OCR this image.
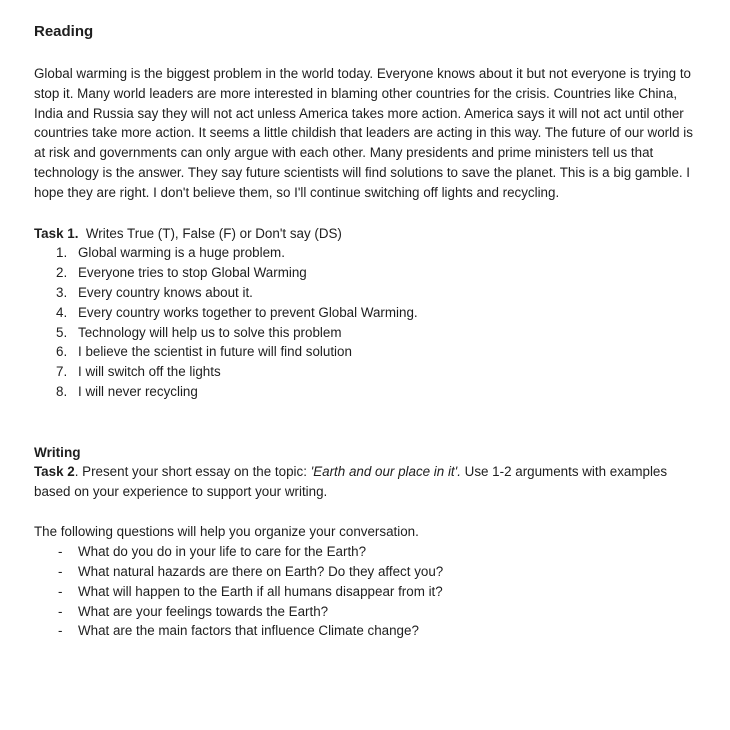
Reading

Global warming is the biggest problem in the world today. Everyone knows about it but not everyone is trying to stop it. Many world leaders are more interested in blaming other countries for the crisis. Countries like China, India and Russia say they will not act unless America takes more action. America says it will not act until other countries take more action. It seems a little childish that leaders are acting in this way. The future of our world is at risk and governments can only argue with each other. Many presidents and prime ministers tell us that technology is the answer. They say future scientists will find solutions to save the planet. This is a big gamble. I hope they are right. I don't believe them, so I'll continue switching off lights and recycling.

Task 1. Writes True (T), False (F) or Don't say (DS)
1. Global warming is a huge problem.
2. Everyone tries to stop Global Warming
3. Every country knows about it.
4. Every country works together to prevent Global Warming.
5. Technology will help us to solve this problem
6. I believe the scientist in future will find solution
7. I will switch off the lights
8. I will never recycling
Writing

Task 2. Present your short essay on the topic: 'Earth and our place in it'. Use 1-2 arguments with examples based on your experience to support your writing.

The following questions will help you organize your conversation.
-	What do you do in your life to care for the Earth?
-	What natural hazards are there on Earth? Do they affect you?
-	What will happen to the Earth if all humans disappear from it?
-	What are your feelings towards the Earth?
-	What are the main factors that influence Climate change?
